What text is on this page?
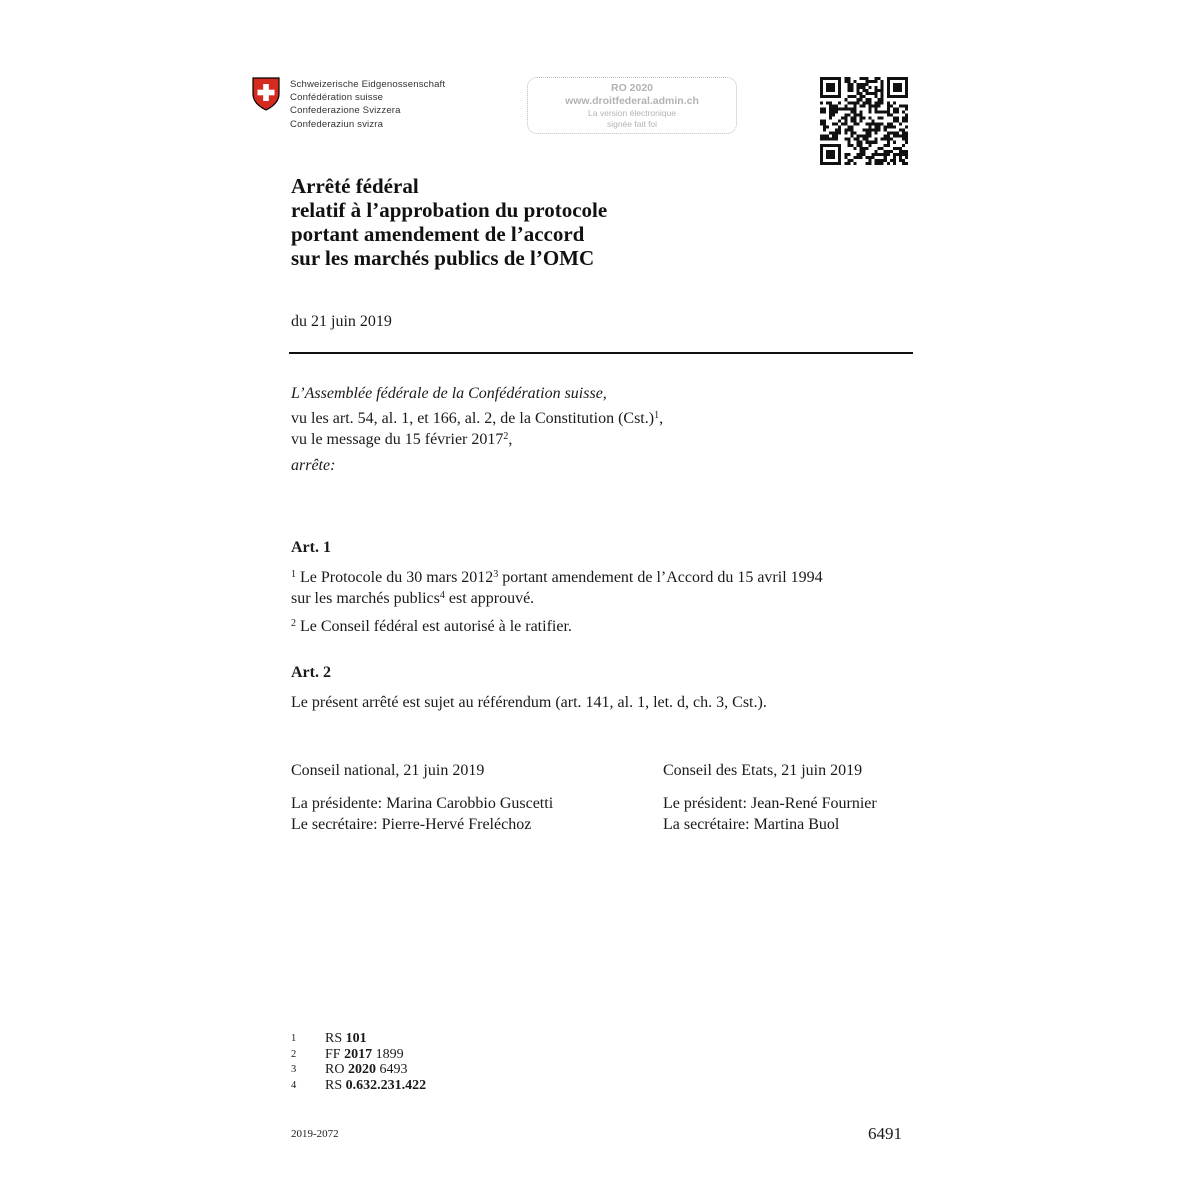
Schweizerische Eidgenossenschaft
Confédération suisse
Confederazione Svizzera
Confederaziun svizra
RO 2020
www.droitfederal.admin.ch
La version électronique
signée fait foi
Arrêté fédéral
relatif à l’approbation du protocole
portant amendement de l’accord
sur les marchés publics de l’OMC
du 21 juin 2019
L’Assemblée fédérale de la Confédération suisse,
vu les art. 54, al. 1, et 166, al. 2, de la Constitution (Cst.)$^1$,
vu le message du 15 février 2017$^2$,
arrête:
Art. 1
$^1$ Le Protocole du 30 mars 2012$^3$ portant amendement de l’Accord du 15 avril 1994
sur les marchés publics$^4$ est approuvé.
$^2$ Le Conseil fédéral est autorisé à le ratifier.
Art. 2
Le présent arrêté est sujet au référendum (art. 141, al. 1, let. d, ch. 3, Cst.).
Conseil national, 21 juin 2019
La présidente: Marina Carobbio Guscetti
Le secrétaire: Pierre-Hervé Freléchoz
Conseil des Etats, 21 juin 2019
Le président: Jean-René Fournier
La secrétaire: Martina Buol
1	RS 101
2	FF 2017 1899
3	RO 2020 6493
4	RS 0.632.231.422
2019-2072	6491
